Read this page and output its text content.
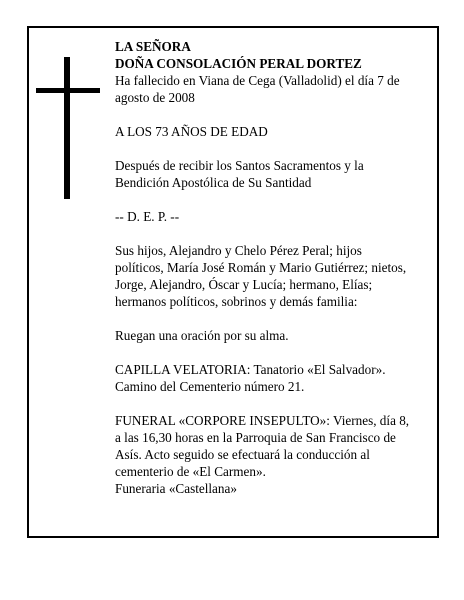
LA SEÑORA

DOÑA CONSOLACIÓN PERAL DORTEZ

Ha fallecido en Viana de Cega (Valladolid) el día 7 de

agosto de 2008

A LOS 73 AÑOS DE EDAD

Después de recibir los Santos Sacramentos y la

Bendición Apostólica de Su Santidad

-- D. E. P. --

Sus hijos, Alejandro y Chelo Pérez Peral; hijos

políticos, María José Román y Mario Gutiérrez; nietos,

Jorge, Alejandro, Óscar y Lucía; hermano, Elías;

hermanos políticos, sobrinos y demás familia:

Ruegan una oración por su alma.

CAPILLA VELATORIA: Tanatorio «El Salvador».

Camino del Cementerio número 21.

FUNERAL «CORPORE INSEPULTO»: Viernes, día 8,

a las 16,30 horas en la Parroquia de San Francisco de

Asís. Acto seguido se efectuará la conducción al

cementerio de «El Carmen».

Funeraria «Castellana»
